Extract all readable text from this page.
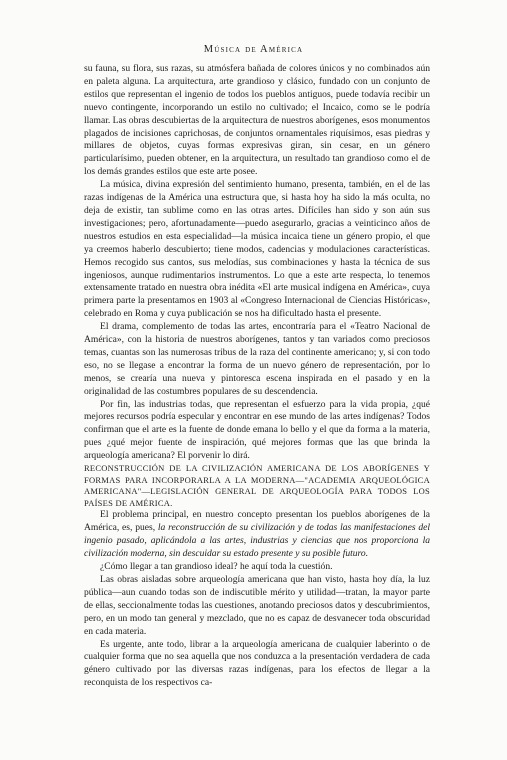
Música de América

su fauna, su flora, sus razas, su atmósfera bañada de colores únicos y no combinados aún en paleta alguna. La arquitectura, arte grandioso y clásico, fundado con un conjunto de estilos que representan el ingenio de todos los pueblos antiguos, puede todavía recibir un nuevo contingente, incorporando un estilo no cultivado; el Incaico, como se le podría llamar. Las obras descubiertas de la arquitectura de nuestros aborígenes, esos monumentos plagados de incisiones caprichosas, de conjuntos ornamentales riquísimos, esas piedras y millares de objetos, cuyas formas expresivas giran, sin cesar, en un género particularísimo, pueden obtener, en la arquitectura, un resultado tan grandioso como el de los demás grandes estilos que este arte posee.

La música, divina expresión del sentimiento humano, presenta, también, en el de las razas indígenas de la América una estructura que, si hasta hoy ha sido la más oculta, no deja de existir, tan sublime como en las otras artes. Difíciles han sido y son aún sus investigaciones; pero, afortunadamente—puedo asegurarlo, gracias a veinticinco años de nuestros estudios en esta especialidad—la música incaica tiene un género propio, el que ya creemos haberlo descubierto; tiene modos, cadencias y modulaciones características. Hemos recogido sus cantos, sus melodías, sus combinaciones y hasta la técnica de sus ingeniosos, aunque rudimentarios instrumentos. Lo que a este arte respecta, lo tenemos extensamente tratado en nuestra obra inédita «El arte musical indígena en América», cuya primera parte la presentamos en 1903 al «Congreso Internacional de Ciencias Históricas», celebrado en Roma y cuya publicación se nos ha dificultado hasta el presente.

El drama, complemento de todas las artes, encontraría para el «Teatro Nacional de América», con la historia de nuestros aborígenes, tantos y tan variados como preciosos temas, cuantas son las numerosas tribus de la raza del continente americano; y, si con todo eso, no se llegase a encontrar la forma de un nuevo género de representación, por lo menos, se crearía una nueva y pintoresca escena inspirada en el pasado y en la originalidad de las costumbres populares de su descendencia.

Por fin, las industrias todas, que representan el esfuerzo para la vida propia, ¿qué mejores recursos podría especular y encontrar en ese mundo de las artes indígenas? Todos confirman que el arte es la fuente de donde emana lo bello y el que da forma a la materia, pues ¿qué mejor fuente de inspiración, qué mejores formas que las que brinda la arqueología americana? El porvenir lo dirá.

RECONSTRUCCIÓN DE LA CIVILIZACIÓN AMERICANA DE LOS ABORÍGENES Y FORMAS PARA INCORPORARLA A LA MODERNA—"ACADEMIA ARQUEOLÓGICA AMERICANA"—LEGISLACIÓN GENERAL DE ARQUEOLOGÍA PARA TODOS LOS PAÍSES DE AMÉRICA.

El problema principal, en nuestro concepto presentan los pueblos aborígenes de la América, es, pues, la reconstrucción de su civilización y de todas las manifestaciones del ingenio pasado, aplicándola a las artes, industrias y ciencias que nos proporciona la civilización moderna, sin descuidar su estado presente y su posible futuro.

¿Cómo llegar a tan grandioso ideal? he aquí toda la cuestión.

Las obras aisladas sobre arqueología americana que han visto, hasta hoy día, la luz pública—aun cuando todas son de indiscutible mérito y utilidad—tratan, la mayor parte de ellas, seccionalmente todas las cuestiones, anotando preciosos datos y descubrimientos, pero, en un modo tan general y mezclado, que no es capaz de desvanecer toda obscuridad en cada materia.

Es urgente, ante todo, librar a la arqueología americana de cualquier laberinto o de cualquier forma que no sea aquella que nos conduzca a la presentación verdadera de cada género cultivado por las diversas razas indígenas, para los efectos de llegar a la reconquista de los respectivos ca-
